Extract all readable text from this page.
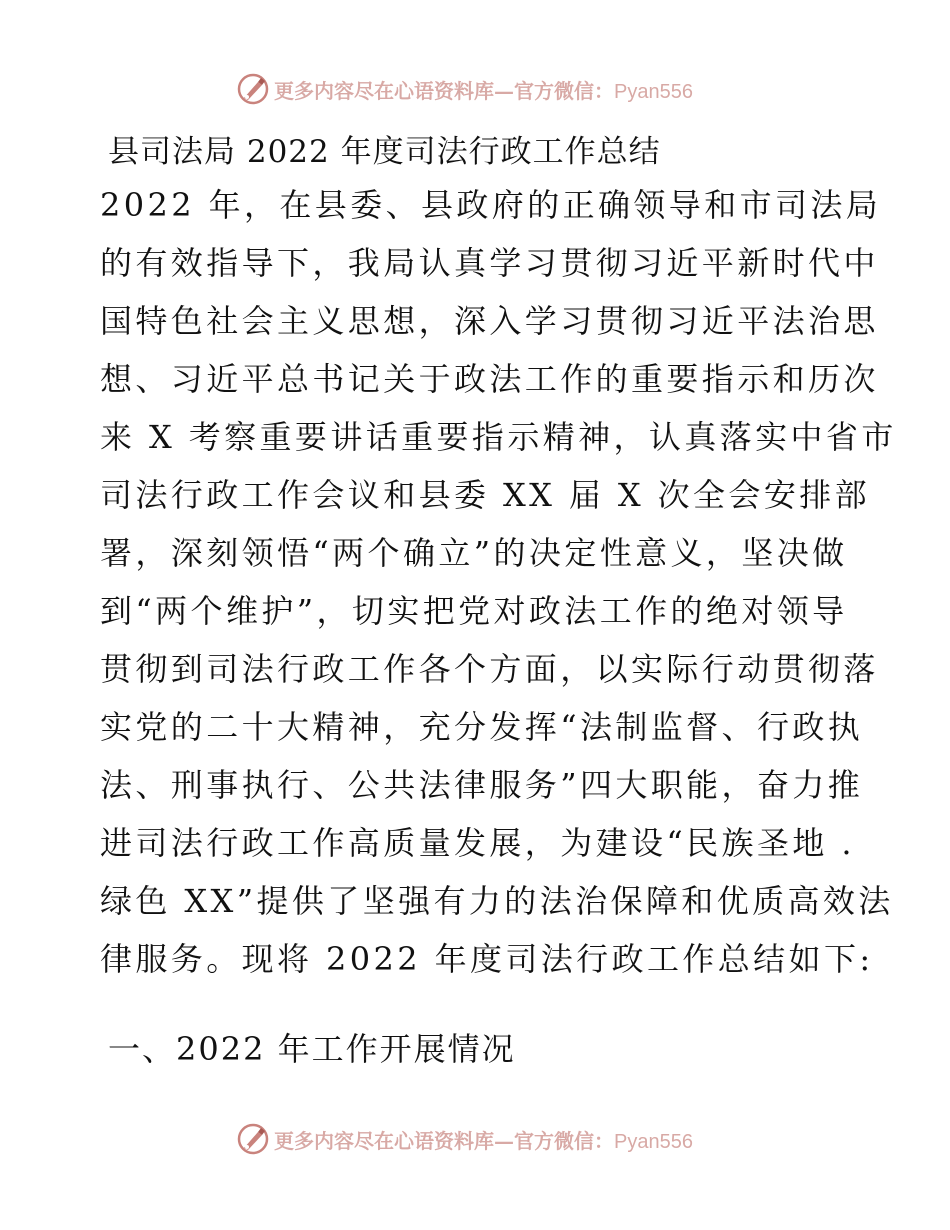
更多内容尽在心语资料库—官方微信：Pyan556
县司法局 2022 年度司法行政工作总结
2022 年，在县委、县政府的正确领导和市司法局
的有效指导下，我局认真学习贯彻习近平新时代中
国特色社会主义思想，深入学习贯彻习近平法治思
想、习近平总书记关于政法工作的重要指示和历次
来 X 考察重要讲话重要指示精神，认真落实中省市
司法行政工作会议和县委 XX 届 X 次全会安排部
署，深刻领悟“两个确立”的决定性意义，坚决做
到“两个维护”，切实把党对政法工作的绝对领导
贯彻到司法行政工作各个方面，以实际行动贯彻落
实党的二十大精神，充分发挥“法制监督、行政执
法、刑事执行、公共法律服务”四大职能，奋力推
进司法行政工作高质量发展，为建设“民族圣地 .
绿色 XX”提供了坚强有力的法治保障和优质高效法
律服务。现将 2022 年度司法行政工作总结如下:
一、2022 年工作开展情况
更多内容尽在心语资料库—官方微信：Pyan556
